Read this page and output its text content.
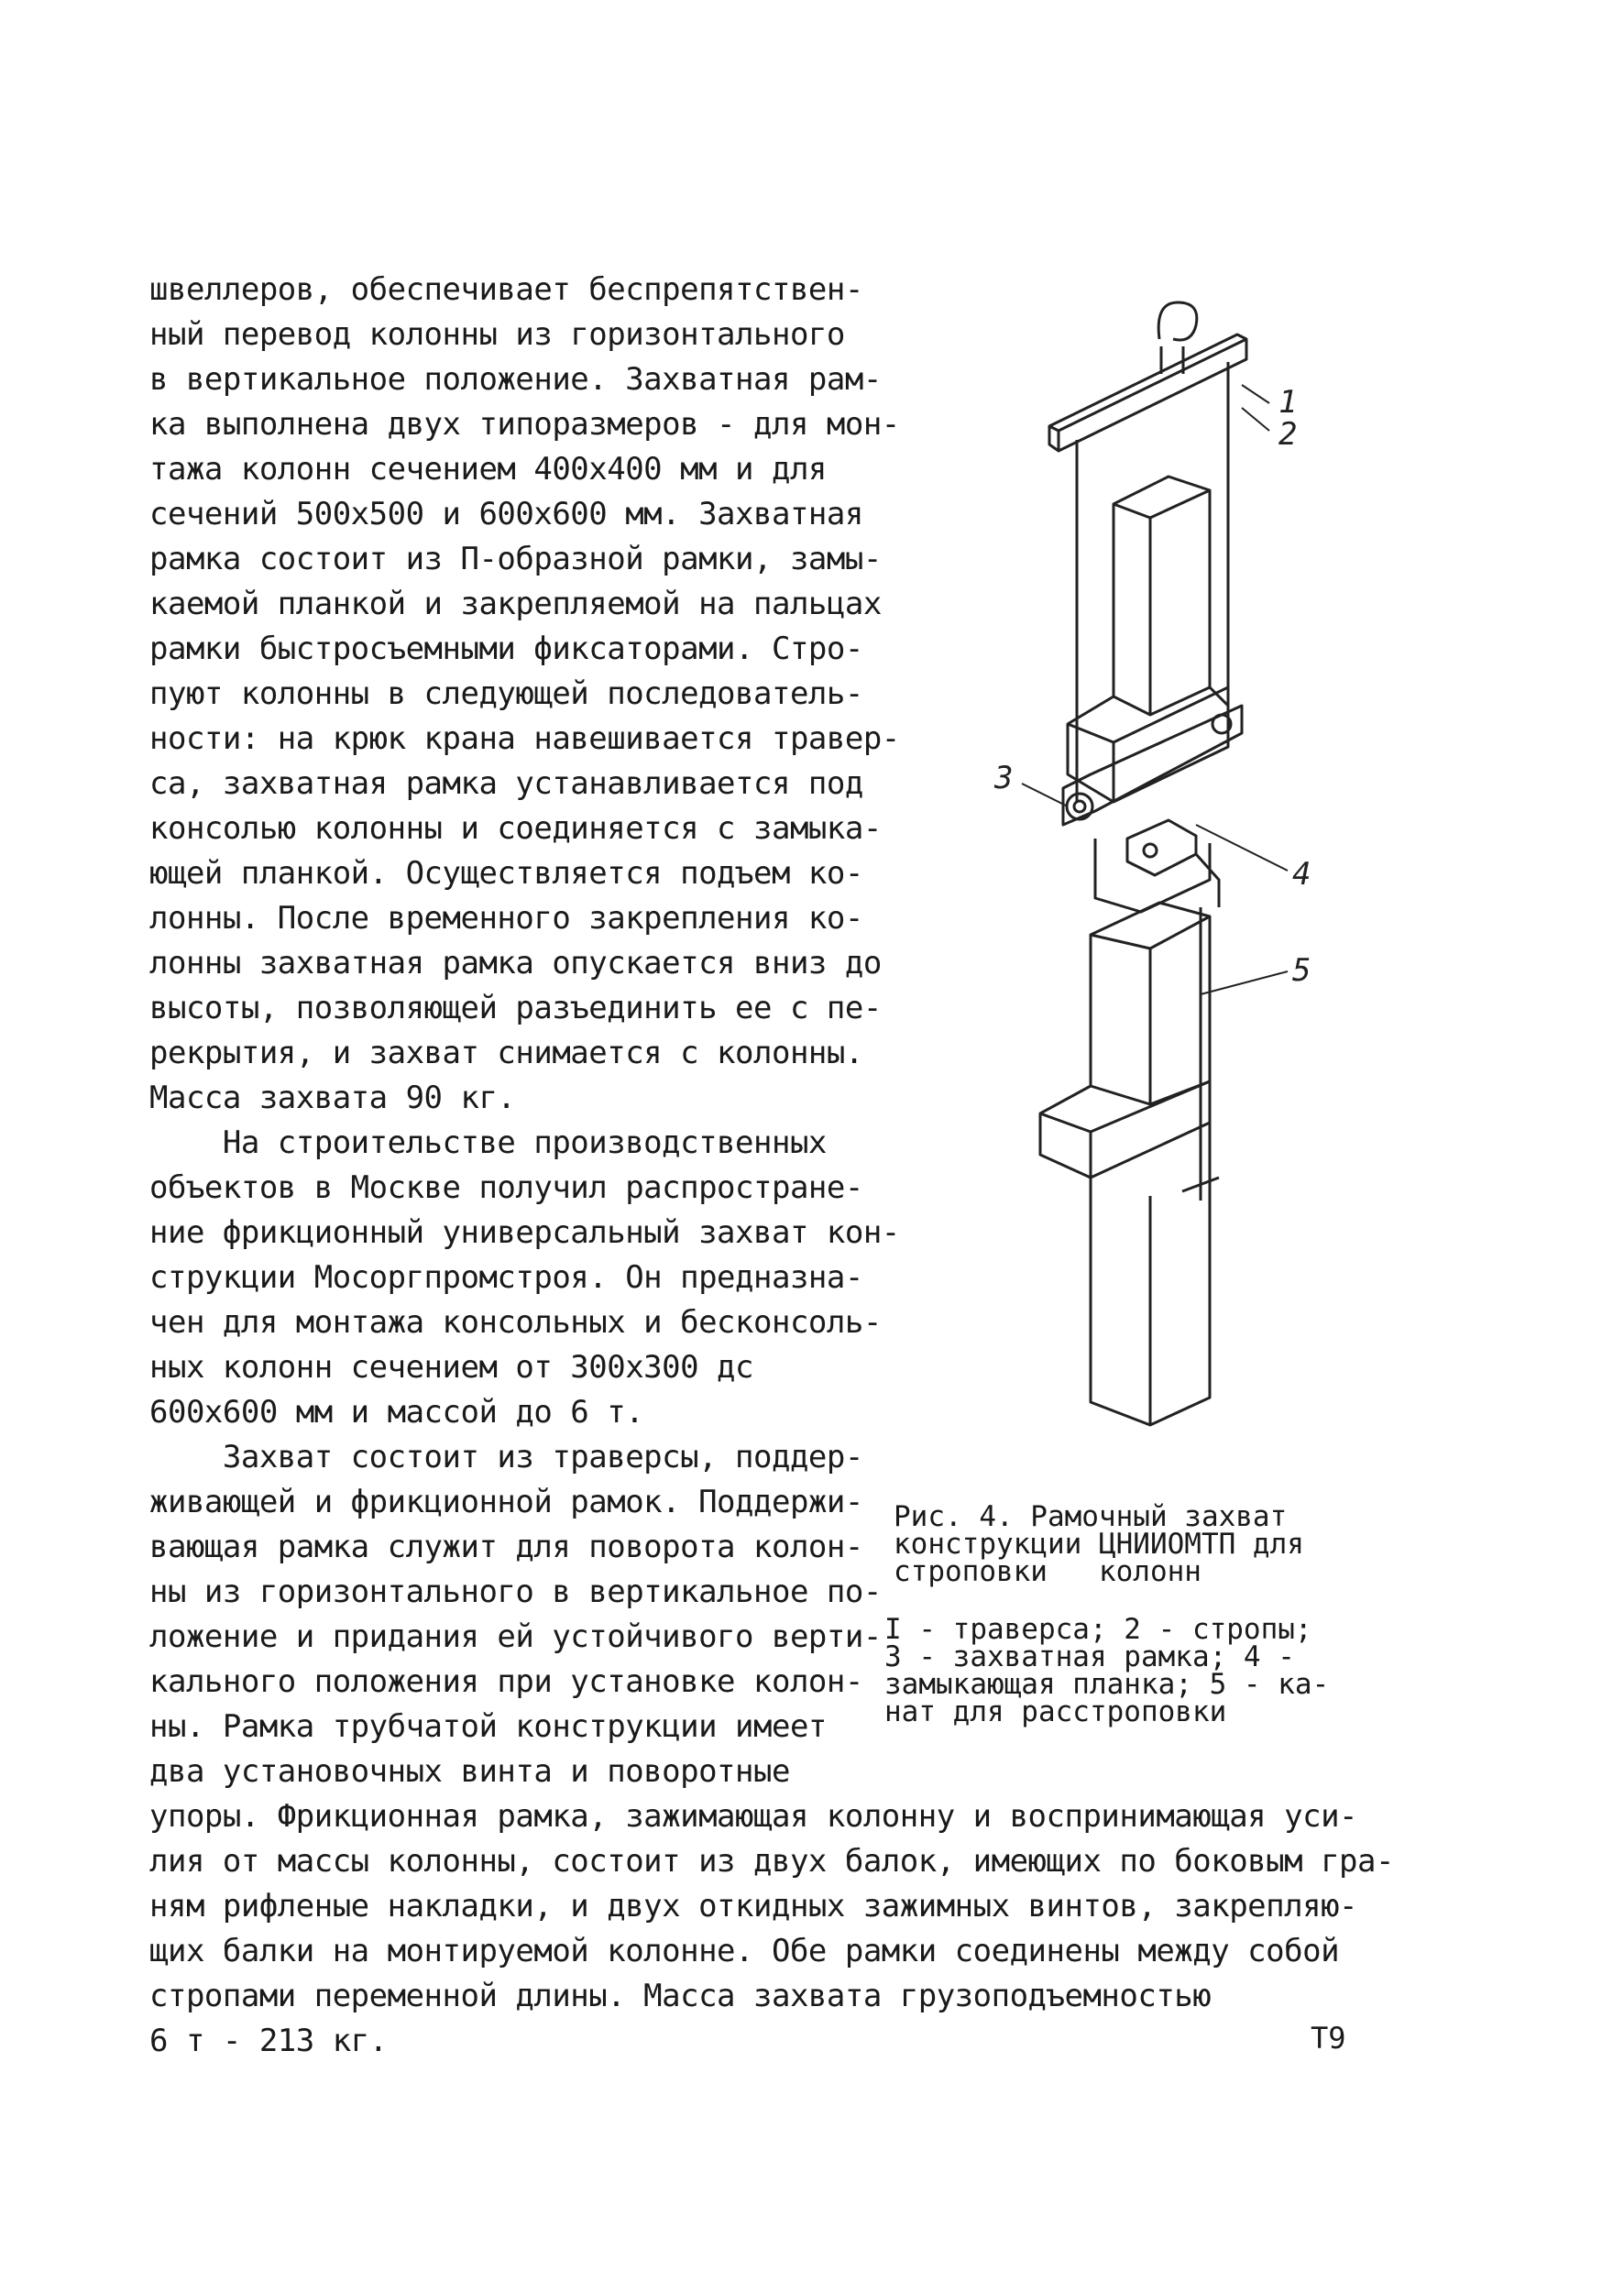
швеллеров, обеспечивает беспрепятствен-

ный перевод колонны из горизонтального

в вертикальное положение. Захватная рам-

ка выполнена двух типоразмеров - для мон-

тажа колонн сечением 400x400 мм и для

сечений 500x500 и 600x600 мм. Захватная

рамка состоит из П-образной рамки, замы-

каемой планкой и закрепляемой на пальцах

рамки быстросъемными фиксаторами. Стро-

пуют колонны в следующей последователь-

ности: на крюк крана навешивается травер-

са, захватная рамка устанавливается под

консолью колонны и соединяется с замыка-

ющей планкой. Осуществляется подъем ко-

лонны. После временного закрепления ко-

лонны захватная рамка опускается вниз до

высоты, позволяющей разъединить ее с пе-

рекрытия, и захват снимается с колонны.

Масса захвата 90 кг.

На строительстве производственных

объектов в Москве получил распростране-

ние фрикционный универсальный захват кон-

струкции Мосоргпромстроя. Он предназна-

чен для монтажа консольных и бесконсоль-

ных колонн сечением от 300x300 дс

600x600 мм и массой до 6 т.

Захват состоит из траверсы, поддер-

живающей и фрикционной рамок. Поддержи-

вающая рамка служит для поворота колон-

ны из горизонтального в вертикальное по-

ложение и придания ей устойчивого верти-

кального положения при установке колон-

ны. Рамка трубчатой конструкции имеет

два установочных винта и поворотные

упоры. Фрикционная рамка, зажимающая колонну и воспринимающая уси-

лия от массы колонны, состоит из двух балок, имеющих по боковым гра-

ням рифленые накладки, и двух откидных зажимных винтов, закрепляю-

щих балки на монтируемой колонне. Обе рамки соединены между собой

стропами переменной длины. Масса захвата грузоподъемностью

6 т - 213 кг.

1
2
3
4
5

Рис. 4. Рамочный захват

конструкции ЦНИИОМТП для

строповки   колонн

I - траверса; 2 - стропы;

3 - захватная рамка; 4 -

замыкающая планка; 5 - ка-

нат для расстроповки

Т9
